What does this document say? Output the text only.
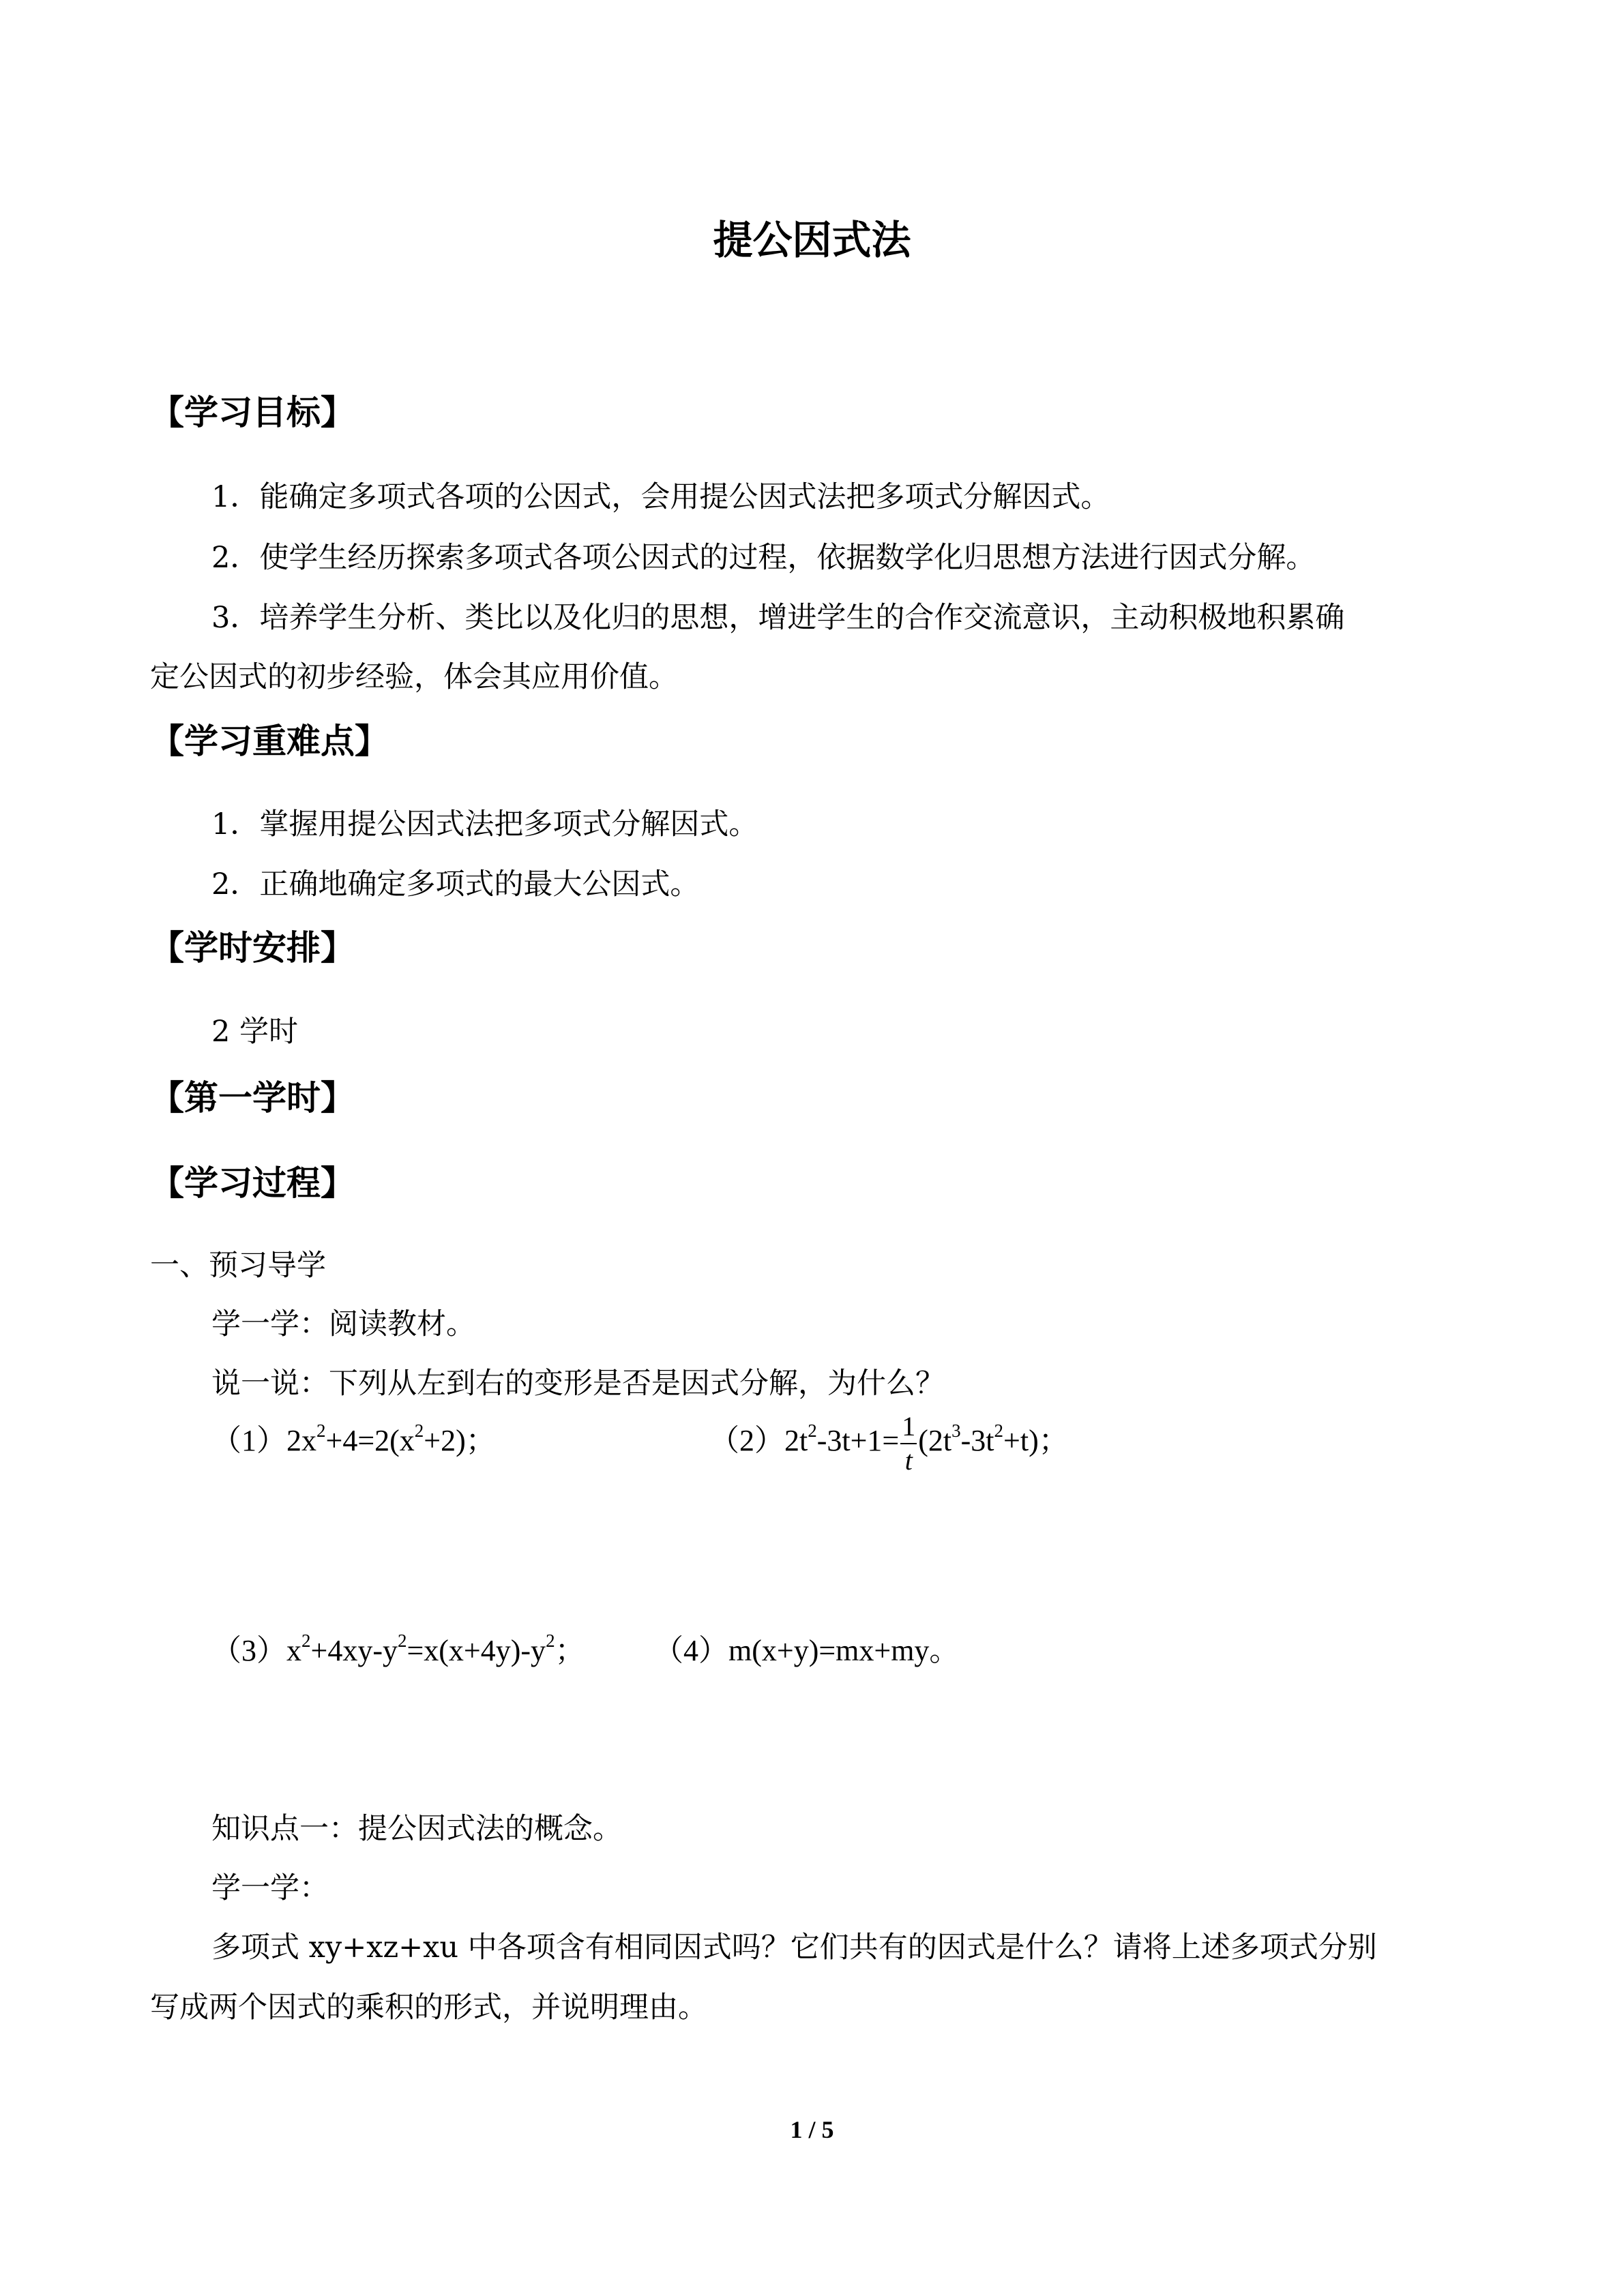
提公因式法
【学习目标】
1．能确定多项式各项的公因式，会用提公因式法把多项式分解因式。
2．使学生经历探索多项式各项公因式的过程，依据数学化归思想方法进行因式分解。
3．培养学生分析、类比以及化归的思想，增进学生的合作交流意识，主动积极地积累确
定公因式的初步经验，体会其应用价值。
【学习重难点】
1．掌握用提公因式法把多项式分解因式。
2．正确地确定多项式的最大公因式。
【学时安排】
2 学时
【第一学时】
【学习过程】
一、预习导学
学一学：阅读教材。
说一说：下列从左到右的变形是否是因式分解，为什么？
$(1)2x^2+4=2(x^2+2)$；	$(2)2t^2-3t+1= \frac{1}{t} (2t^3-3t^2+t)$；
$(3)x^2+4xy-y^2=x(x+4y)-y^2$； （4）m(x+y)=mx+my。
知识点一：提公因式法的概念。
学一学：
多项式 xy+xz+xu 中各项含有相同因式吗？它们共有的因式是什么？请将上述多项式分别
写成两个因式的乘积的形式，并说明理由。
1 / 5
